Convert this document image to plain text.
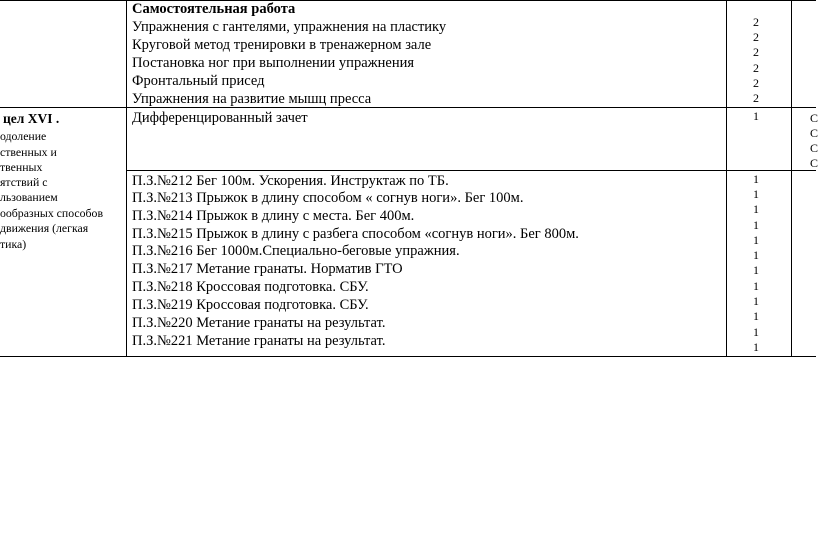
Самостоятельная работа
Упражнения с гантелями, упражнения на пластику
Круговой метод тренировки в тренажерном зале
Постановка ног при выполнении упражнения
Фронтальный присед
Упражнения на развитие мышц пресса
2
2
2
2
2
2
цел XVI .
одоление
ственных и
твенных
ятствий с
льзованием
ообразных способов
движения (легкая
тика)
Дифференцированный зачет	1	С
С
С
С
П.З.№212 Бег 100м. Ускорения. Инструктаж по ТБ.
П.З.№213 Прыжок в длину способом « согнув ноги». Бег 100м.
П.З.№214 Прыжок в длину с места. Бег 400м.
П.З.№215 Прыжок в длину с разбега способом «согнув ноги». Бег 800м.
П.З.№216 Бег 1000м.Специально-беговые упражния.
П.З.№217 Метание гранаты. Норматив ГТО
П.З.№218 Кроссовая подготовка. СБУ.
П.З.№219 Кроссовая подготовка. СБУ.
П.З.№220 Метание гранаты на результат.
П.З.№221 Метание гранаты на результат.
1
1
1
1
1
1
1
1
1
1
1
1
